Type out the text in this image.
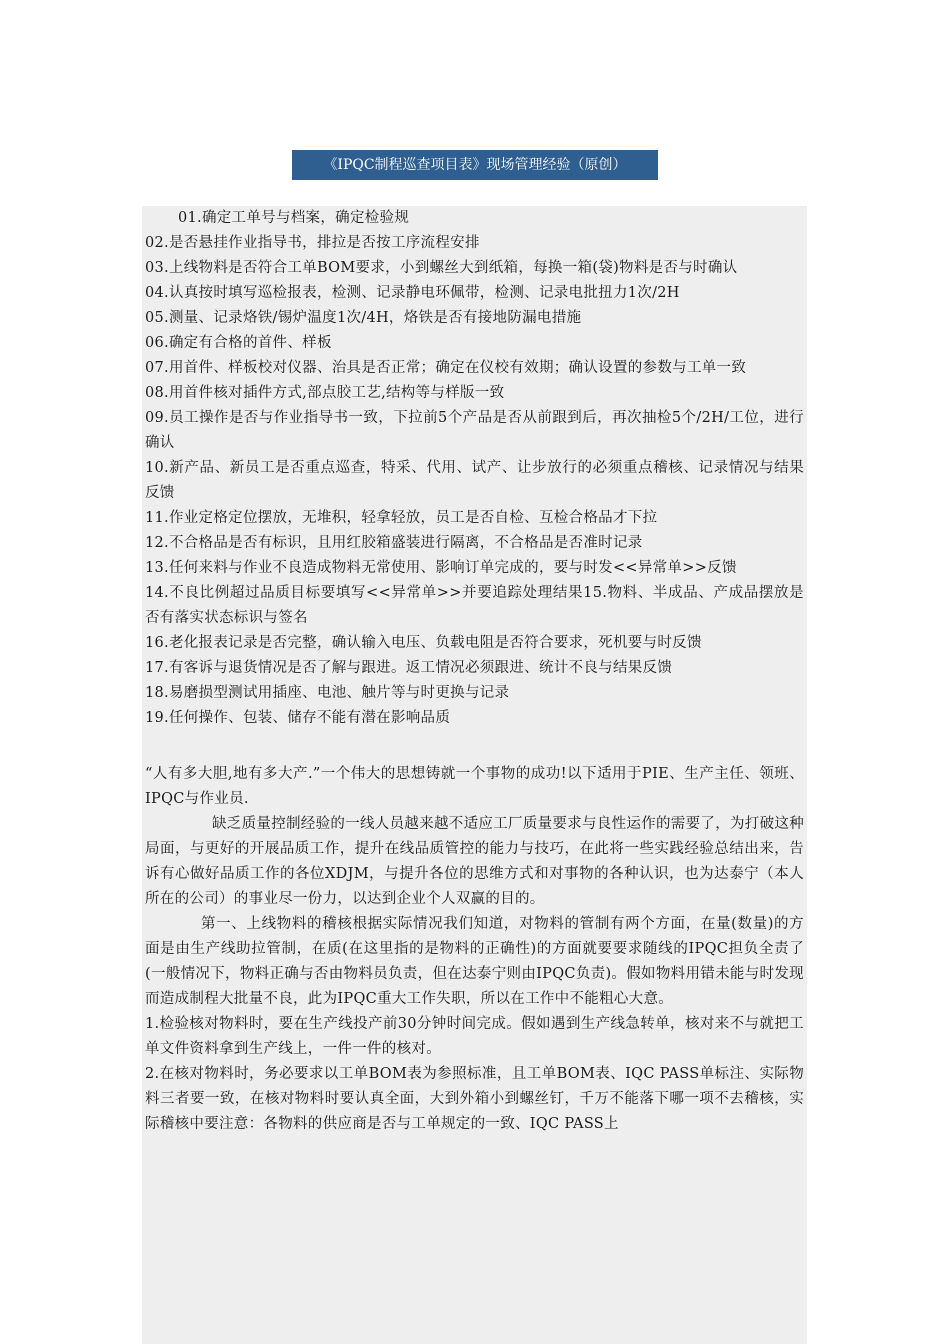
《IPQC制程巡查项目表》现场管理经验（原创）

01.确定工单号与档案，确定检验规

02.是否悬挂作业指导书，排拉是否按工序流程安排

03.上线物料是否符合工单BOM要求，小到螺丝大到纸箱，每换一箱(袋)物料是否与时确认

04.认真按时填写巡检报表，检测、记录静电环佩带，检测、记录电批扭力1次/2H

05.测量、记录烙铁/锡炉温度1次/4H，烙铁是否有接地防漏电措施

06.确定有合格的首件、样板

07.用首件、样板校对仪器、治具是否正常；确定在仪校有效期；确认设置的参数与工单一致

08.用首件核对插件方式,部点胶工艺,结构等与样版一致

09.员工操作是否与作业指导书一致，下拉前5个产品是否从前跟到后，再次抽检5个/2H/工位，进行确认

10.新产品、新员工是否重点巡查，特采、代用、试产、让步放行的必须重点稽核、记录情况与结果反馈

11.作业定格定位摆放，无堆积，轻拿轻放，员工是否自检、互检合格品才下拉

12.不合格品是否有标识，且用红胶箱盛装进行隔离，不合格品是否准时记录

13.任何来料与作业不良造成物料无常使用、影响订单完成的，要与时发<<异常单>>反馈

14.不良比例超过品质目标要填写<<异常单>>并要追踪处理结果15.物料、半成品、产成品摆放是否有落实状态标识与签名

16.老化报表记录是否完整，确认输入电压、负载电阻是否符合要求，死机要与时反馈

17.有客诉与退货情况是否了解与跟进。返工情况必须跟进、统计不良与结果反馈

18.易磨损型测试用插座、电池、触片等与时更换与记录

19.任何操作、包装、储存不能有潜在影响品质

“人有多大胆,地有多大产.”一个伟大的思想铸就一个事物的成功!以下适用于PIE、生产主任、领班、IPQC与作业员.

缺乏质量控制经验的一线人员越来越不适应工厂质量要求与良性运作的需要了，为打破这种局面，与更好的开展品质工作，提升在线品质管控的能力与技巧，在此将一些实践经验总结出来，告诉有心做好品质工作的各位XDJM，与提升各位的思维方式和对事物的各种认识，也为达泰宁（本人所在的公司）的事业尽一份力，以达到企业个人双赢的目的。

第一、上线物料的稽核根据实际情况我们知道，对物料的管制有两个方面，在量(数量)的方面是由生产线助拉管制，在质(在这里指的是物料的正确性)的方面就要要求随线的IPQC担负全责了(一般情况下，物料正确与否由物料员负责，但在达泰宁则由IPQC负责)。假如物料用错未能与时发现而造成制程大批量不良，此为IPQC重大工作失职，所以在工作中不能粗心大意。

1.检验核对物料时，要在生产线投产前30分钟时间完成。假如遇到生产线急转单，核对来不与就把工单文件资料拿到生产线上，一件一件的核对。

2.在核对物料时，务必要求以工单BOM表为参照标准，且工单BOM表、IQC PASS单标注、实际物料三者要一致，在核对物料时要认真全面，大到外箱小到螺丝钉，千万不能落下哪一项不去稽核，实际稽核中要注意：各物料的供应商是否与工单规定的一致、IQC PASS上
